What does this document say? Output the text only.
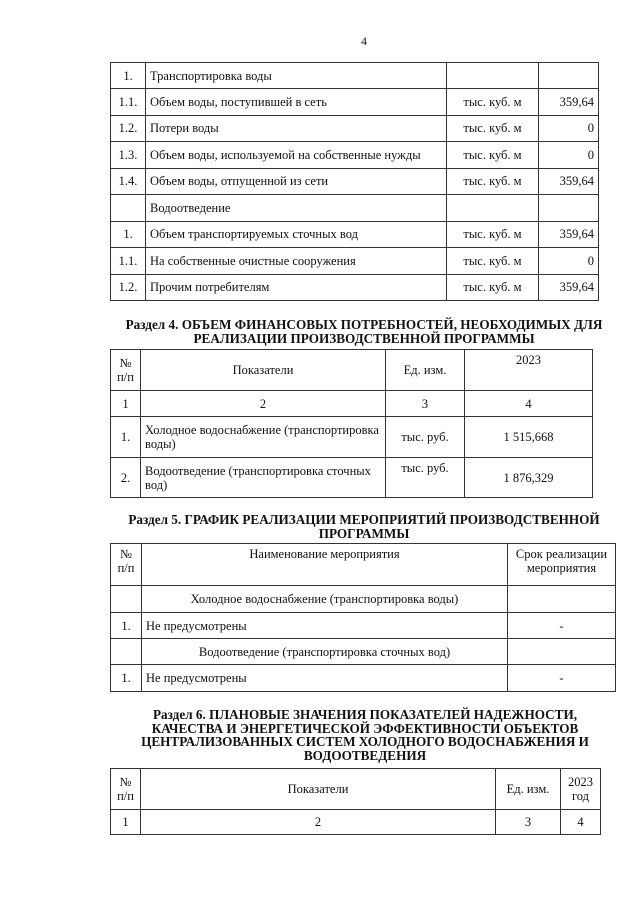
4
1.	Транспортировка воды		
1.1.	Объем воды, поступившей в сеть	тыс. куб. м	359,64
1.2.	Потери воды	тыс. куб. м	0
1.3.	Объем воды, используемой на собственные нужды	тыс. куб. м	0
1.4.	Объем воды, отпущенной из сети	тыс. куб. м	359,64
	Водоотведение		
1.	Объем транспортируемых сточных вод	тыс. куб. м	359,64
1.1.	На собственные очистные сооружения	тыс. куб. м	0
1.2.	Прочим потребителям	тыс. куб. м	359,64
Раздел 4. ОБЪЕМ ФИНАНСОВЫХ ПОТРЕБНОСТЕЙ, НЕОБХОДИМЫХ ДЛЯ РЕАЛИЗАЦИИ ПРОИЗВОДСТВЕННОЙ ПРОГРАММЫ
№ п/п	Показатели	Ед. изм.	2023
1	2	3	4
1.	Холодное водоснабжение (транспортировка воды)	тыс. руб.	1 515,668
2.	Водоотведение (транспортировка сточных вод)	тыс. руб.	1 876,329
Раздел 5. ГРАФИК РЕАЛИЗАЦИИ МЕРОПРИЯТИЙ ПРОИЗВОДСТВЕННОЙ ПРОГРАММЫ
№ п/п	Наименование мероприятия	Срок реализации мероприятия
	Холодное водоснабжение (транспортировка воды)	
1.	Не предусмотрены	-
	Водоотведение (транспортировка сточных вод)	
1.	Не предусмотрены	-
Раздел 6. ПЛАНОВЫЕ ЗНАЧЕНИЯ ПОКАЗАТЕЛЕЙ НАДЕЖНОСТИ, КАЧЕСТВА И ЭНЕРГЕТИЧЕСКОЙ ЭФФЕКТИВНОСТИ ОБЪЕКТОВ ЦЕНТРАЛИЗОВАННЫХ СИСТЕМ ХОЛОДНОГО ВОДОСНАБЖЕНИЯ И ВОДООТВЕДЕНИЯ
№ п/п	Показатели	Ед. изм.	2023 год
1	2	3	4
